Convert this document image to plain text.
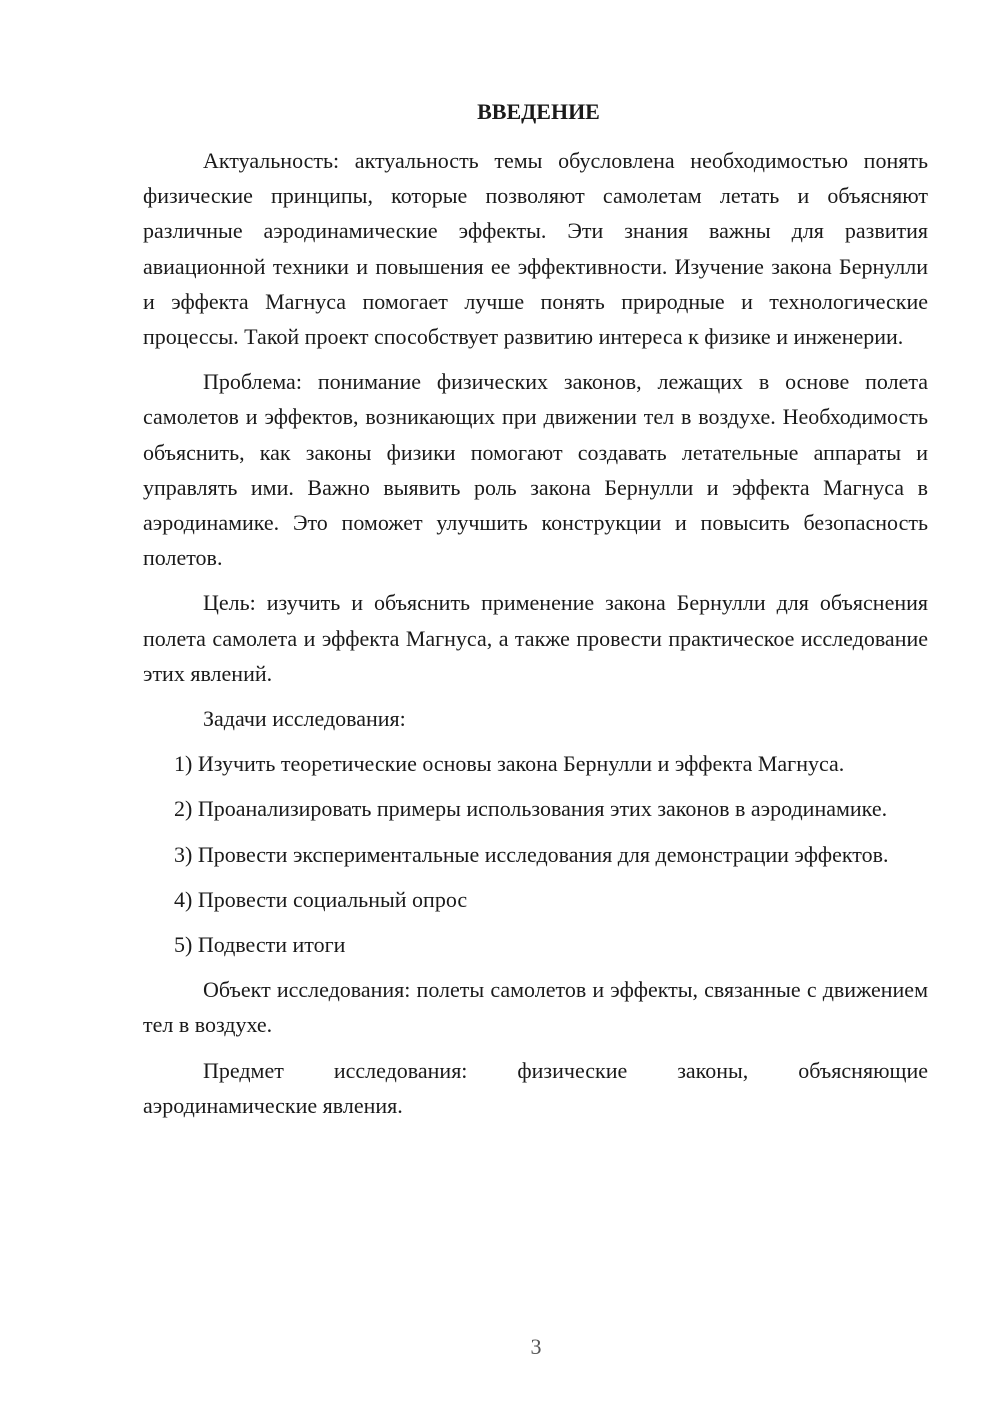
ВВЕДЕНИЕ

Актуальность: актуальность темы обусловлена необходимостью понять физические принципы, которые позволяют самолетам летать и объясняют различные аэродинамические эффекты. Эти знания важны для развития авиационной техники и повышения ее эффективности. Изучение закона Бернулли и эффекта Магнуса помогает лучше понять природные и технологические процессы. Такой проект способствует развитию интереса к физике и инженерии.

Проблема: понимание физических законов, лежащих в основе полета самолетов и эффектов, возникающих при движении тел в воздухе. Необходимость объяснить, как законы физики помогают создавать летательные аппараты и управлять ими. Важно выявить роль закона Бернулли и эффекта Магнуса в аэродинамике. Это поможет улучшить конструкции и повысить безопасность полетов.

Цель: изучить и объяснить применение закона Бернулли для объяснения полета самолета и эффекта Магнуса, а также провести практическое исследование этих явлений.

Задачи исследования:

1) Изучить теоретические основы закона Бернулли и эффекта Магнуса.

2) Проанализировать примеры использования этих законов в аэродинамике.

3) Провести экспериментальные исследования для демонстрации эффектов.

4) Провести социальный опрос

5) Подвести итоги

Объект исследования: полеты самолетов и эффекты, связанные с движением тел в воздухе.

Предмет исследования: физические законы, объясняющие аэродинамические явления.

3
